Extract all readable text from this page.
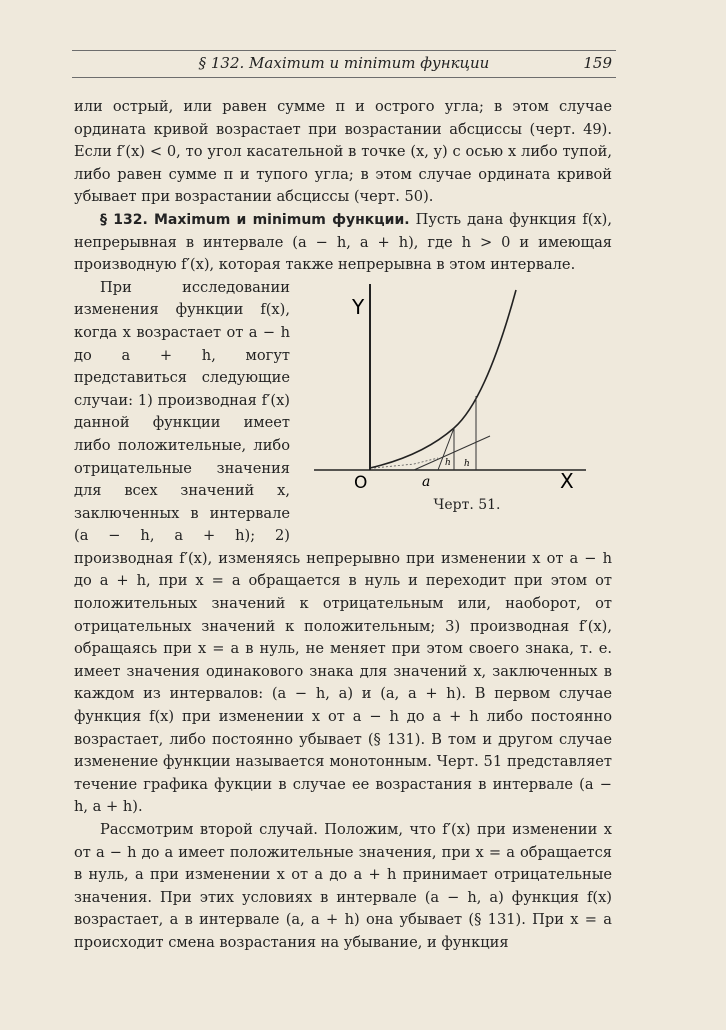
§ 132. Maximum и minimum функции	159

или острый, или равен сумме π и острого угла; в этом случае ордината кривой возрастает при возрастании абсциссы (черт. 49). Если f′(x) < 0, то угол касательной в точке (x, y) с осью x либо тупой, либо равен сумме π и тупого угла; в этом случае ордината кривой убывает при возрастании абсциссы (черт. 50).

§ 132. Maximum и minimum функции. Пусть дана функция f(x), непрерывная в интервале (a − h, a + h), где h > 0 и имеющая производную f′(x), которая также непрерывна в этом интервале.

Y
X
O	a
h h
Черт. 51.
При исследовании изменения функции f(x), когда x возрастает от a − h до a + h, могут представиться следующие случаи: 1) производная f′(x) данной функции имеет либо положительные, либо отрицательные значения для всех значений x, заключенных в интервале (a − h, a + h); 2) производная f′(x), изменяясь непрерывно при изменении x от a − h до a + h, при x = a обращается в нуль и переходит при этом от положительных значений к отрицательным или, наоборот, от отрицательных значений к положительным; 3) производная f′(x), обращаясь при x = a в нуль, не меняет при этом своего знака, т. е. имеет значения одинакового знака для значений x, заключенных в каждом из интервалов: (a − h, a) и (a, a + h). В первом случае функция f(x) при изменении x от a − h до a + h либо постоянно возрастает, либо постоянно убывает (§ 131). В том и другом случае изменение функции называется монотонным. Черт. 51 представляет течение графика фукции в случае ее возрастания в интервале (a − h, a + h).

Рассмотрим второй случай. Положим, что f′(x) при изменении x от a − h до a имеет положительные значения, при x = a обращается в нуль, а при изменении x от a до a + h принимает отрицательные значения. При этих условиях в интервале (a − h, a) функция f(x) возрастает, а в интервале (a, a + h) она убывает (§ 131). При x = a происходит смена возрастания на убывание, и функция
